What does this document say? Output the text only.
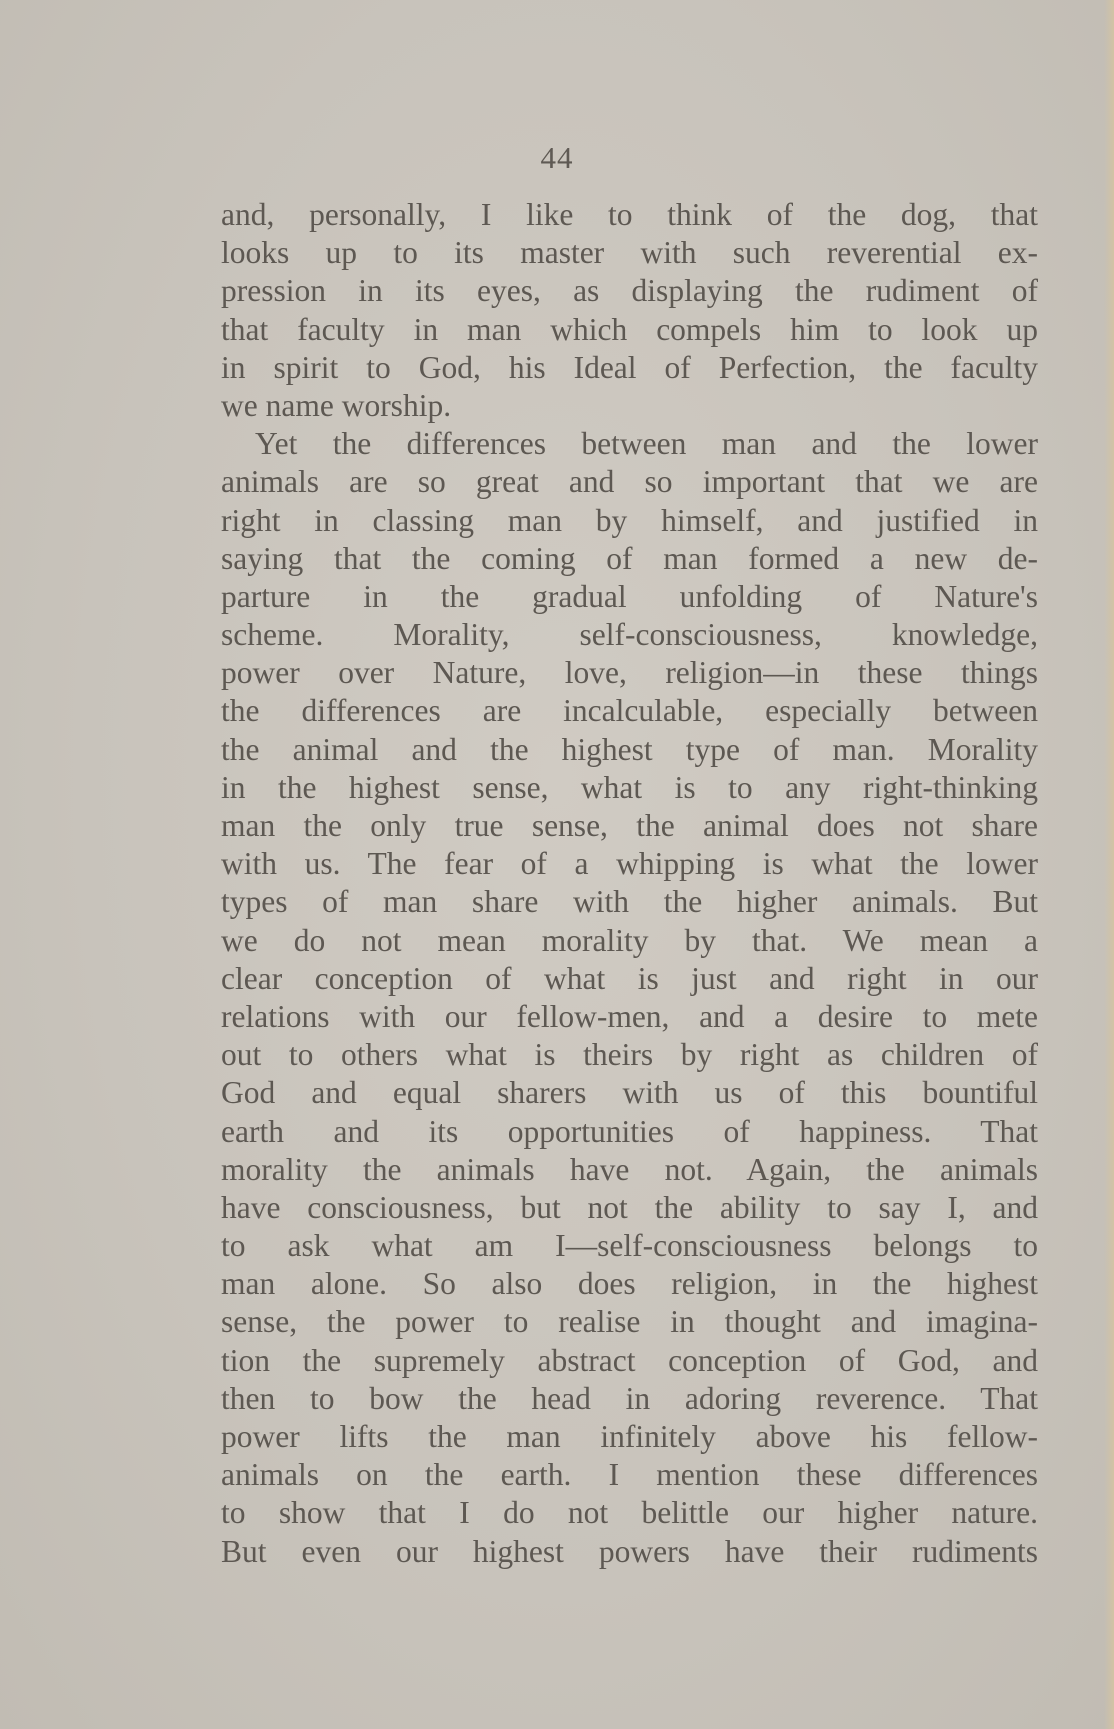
44
and, personally, I like to think of the dog, that
looks up to its master with such reverential ex-
pression in its eyes, as displaying the rudiment of
that faculty in man which compels him to look up
in spirit to God, his Ideal of Perfection, the faculty
we name worship.
Yet the differences between man and the lower
animals are so great and so important that we are
right in classing man by himself, and justified in
saying that the coming of man formed a new de-
parture in the gradual unfolding of Nature's
scheme. Morality, self-consciousness, knowledge,
power over Nature, love, religion—in these things
the differences are incalculable, especially between
the animal and the highest type of man. Morality
in the highest sense, what is to any right-thinking
man the only true sense, the animal does not share
with us. The fear of a whipping is what the lower
types of man share with the higher animals. But
we do not mean morality by that. We mean a
clear conception of what is just and right in our
relations with our fellow-men, and a desire to mete
out to others what is theirs by right as children of
God and equal sharers with us of this bountiful
earth and its opportunities of happiness. That
morality the animals have not. Again, the animals
have consciousness, but not the ability to say I, and
to ask what am I—self-consciousness belongs to
man alone. So also does religion, in the highest
sense, the power to realise in thought and imagina-
tion the supremely abstract conception of God, and
then to bow the head in adoring reverence. That
power lifts the man infinitely above his fellow-
animals on the earth. I mention these differences
to show that I do not belittle our higher nature.
But even our highest powers have their rudiments
